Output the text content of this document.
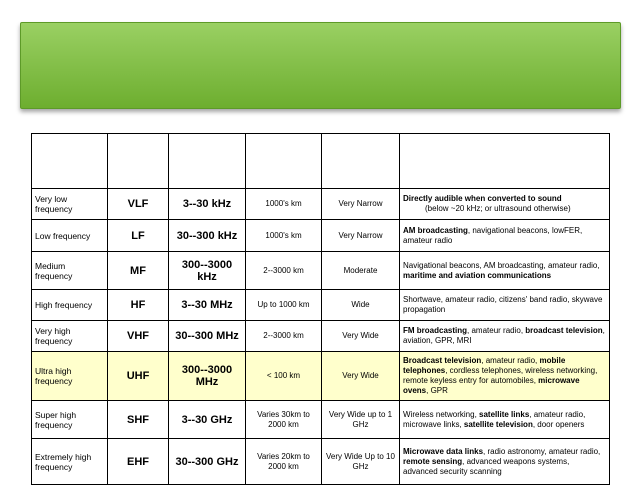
Very low frequency	VLF	3--30 kHz	1000's km	Very Narrow	Directly audible when converted to sound
(below ~20 kHz; or ultrasound otherwise)

Low frequency	LF	30--300 kHz	1000's km	Very Narrow	AM broadcasting, navigational beacons, lowFER, amateur radio
Medium frequency	MF	300--3000 kHz	2--3000 km	Moderate	Navigational beacons, AM broadcasting, amateur radio, maritime and aviation communications
High frequency	HF	3--30 MHz	Up to 1000 km	Wide	Shortwave, amateur radio, citizens' band radio, skywave propagation
Very high frequency	VHF	30--300 MHz	2--3000 km	Very Wide	FM broadcasting, amateur radio, broadcast television, aviation, GPR, MRI
Ultra high frequency	UHF	300--3000 MHz	< 100 km	Very Wide	Broadcast television, amateur radio, mobile telephones, cordless telephones, wireless networking, remote keyless entry for automobiles, microwave ovens, GPR
Super high frequency	SHF	3--30 GHz	Varies 30km to 2000 km	Very Wide up to 1 GHz	Wireless networking, satellite links, amateur radio, microwave links, satellite television, door openers
Extremely high frequency	EHF	30--300 GHz	Varies 20km to 2000 km	Very Wide Up to 10 GHz	Microwave data links, radio astronomy, amateur radio, remote sensing, advanced weapons systems, advanced security scanning
